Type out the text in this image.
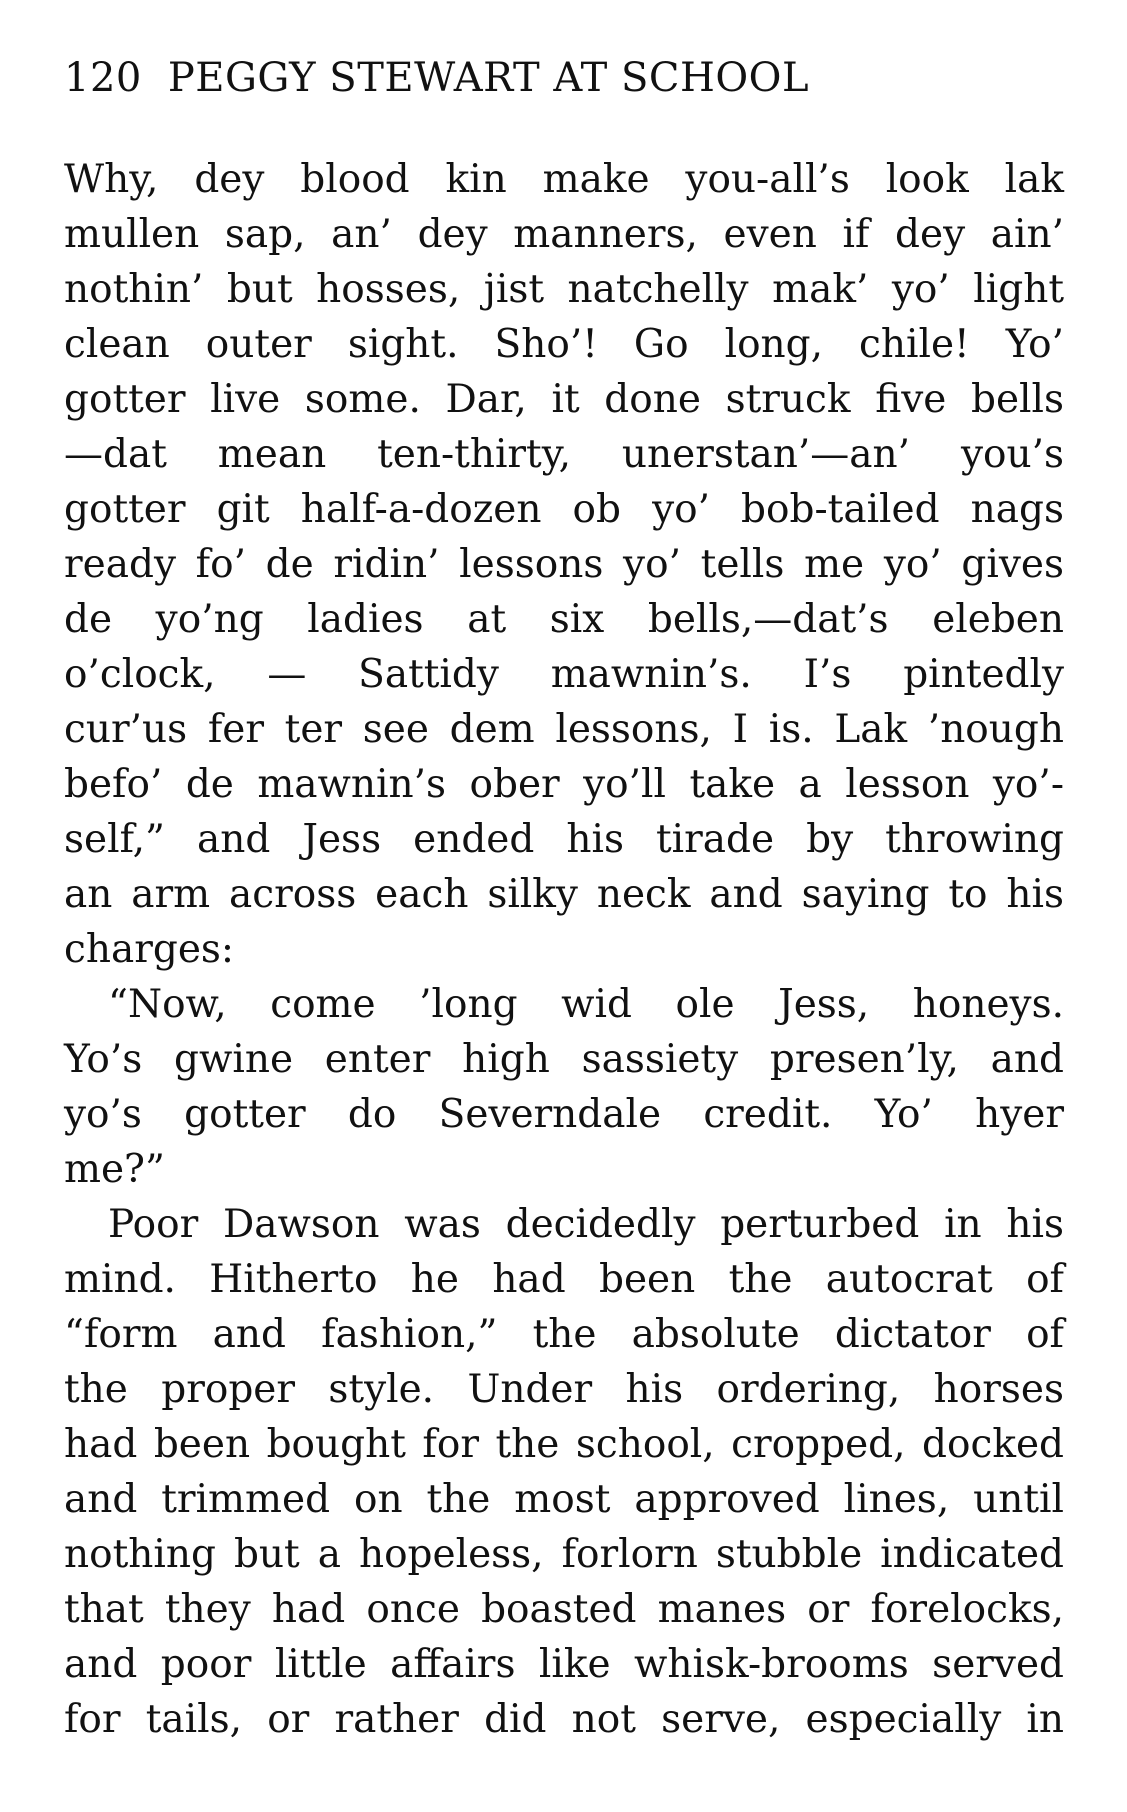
120 PEGGY STEWART AT SCHOOL
Why, dey blood kin make you-all’s look lak
mullen sap, an’ dey manners, even if dey ain’
nothin’ but hosses, jist natchelly mak’ yo’ light
clean outer sight. Sho’! Go long, chile! Yo’
gotter live some. Dar, it done struck five bells
—dat mean ten-thirty, unerstan’—an’ you’s
gotter git half-a-dozen ob yo’ bob-tailed nags
ready fo’ de ridin’ lessons yo’ tells me yo’ gives
de yo’ng ladies at six bells,—dat’s eleben
o’clock, — Sattidy mawnin’s. I’s pintedly
cur’us fer ter see dem lessons, I is. Lak ’nough
befo’ de mawnin’s ober yo’ll take a lesson yo’-
self,” and Jess ended his tirade by throwing
an arm across each silky neck and saying to his
charges:
“Now, come ’long wid ole Jess, honeys.
Yo’s gwine enter high sassiety presen’ly, and
yo’s gotter do Severndale credit. Yo’ hyer
me?”
Poor Dawson was decidedly perturbed in his
mind. Hitherto he had been the autocrat of
“form and fashion,” the absolute dictator of
the proper style. Under his ordering, horses
had been bought for the school, cropped, docked
and trimmed on the most approved lines, until
nothing but a hopeless, forlorn stubble indicated
that they had once boasted manes or forelocks,
and poor little affairs like whisk-brooms served
for tails, or rather did not serve, especially in
